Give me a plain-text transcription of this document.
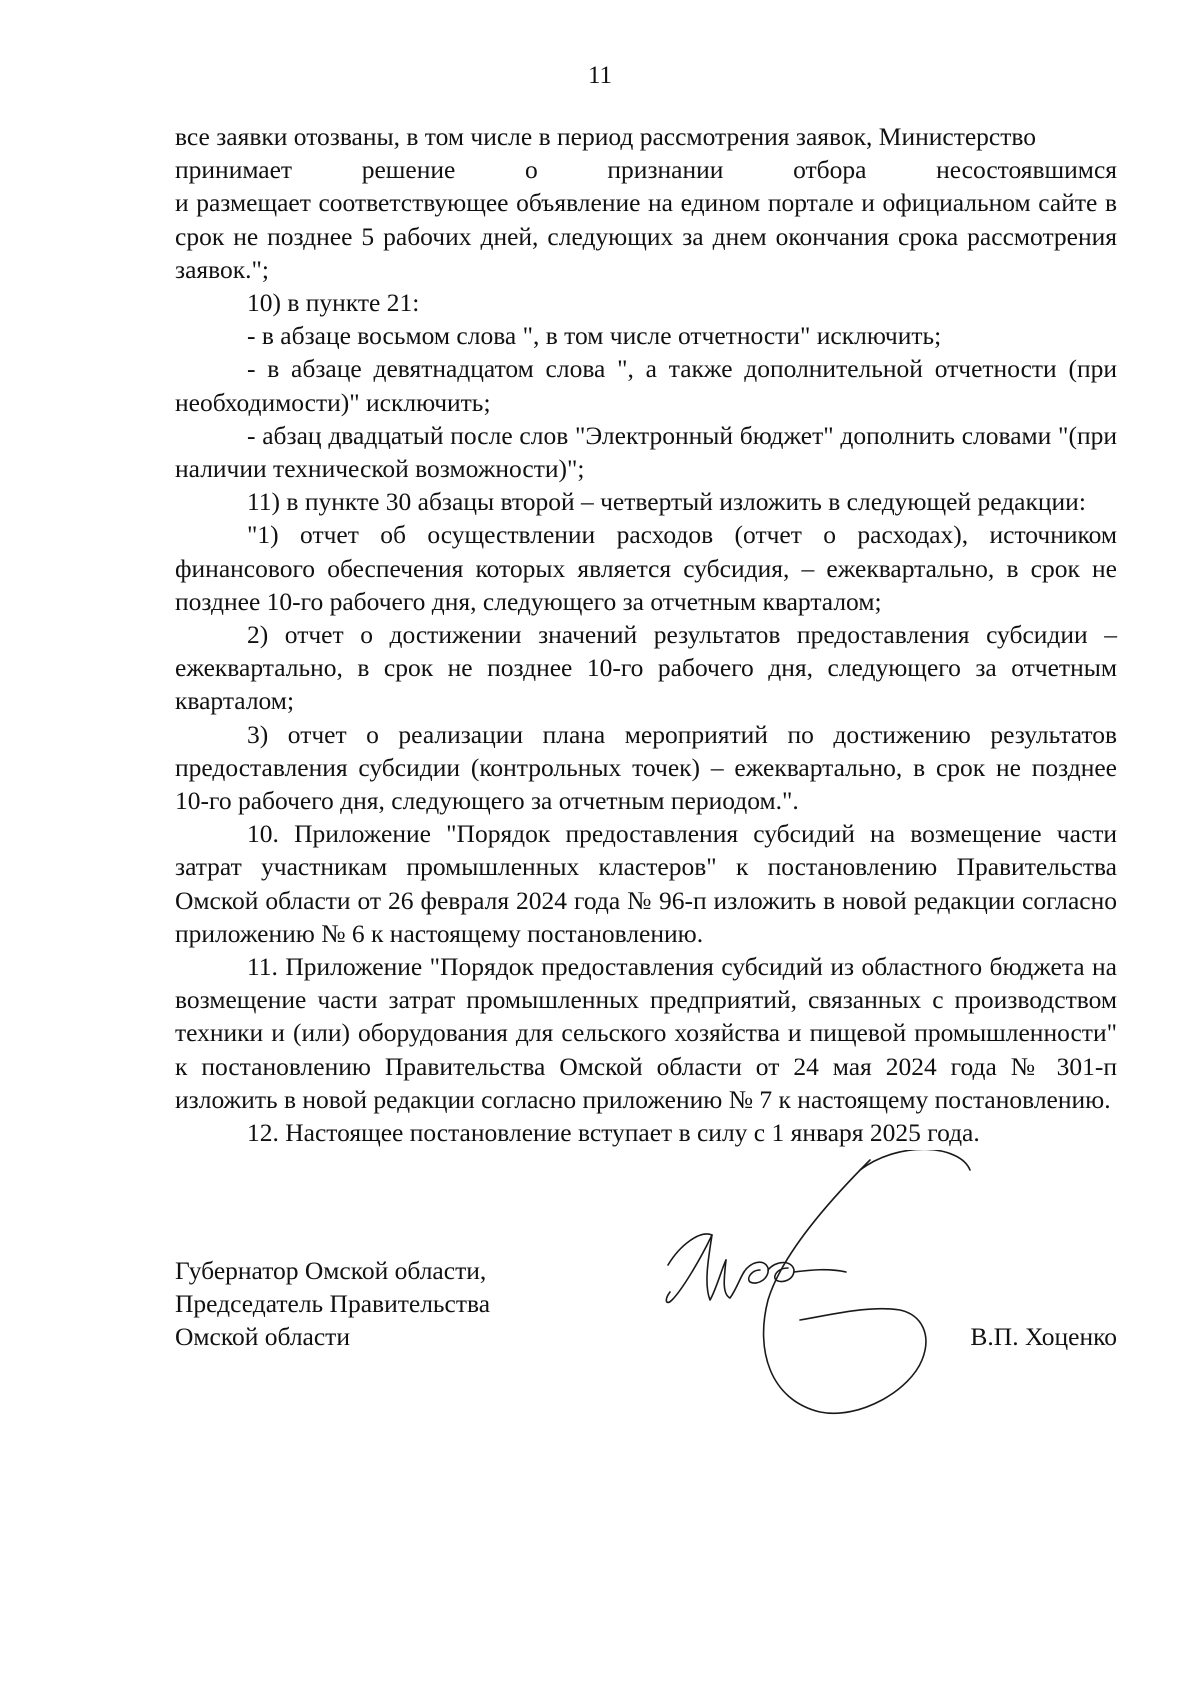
11

все заявки отозваны, в том числе в период рассмотрения заявок, Министерство

принимает решение о признании отбора несостоявшимся

и размещает соответствующее объявление на едином портале и официальном сайте в срок не позднее 5 рабочих дней, следующих за днем окончания срока рассмотрения заявок.";

10) в пункте 21:

- в абзаце восьмом слова ", в том числе отчетности" исключить;

- в абзаце девятнадцатом слова ", а также дополнительной отчетности (при необходимости)" исключить;

- абзац двадцатый после слов "Электронный бюджет" дополнить словами "(при наличии технической возможности)";

11) в пункте 30 абзацы второй – четвертый изложить в следующей редакции:

"1) отчет об осуществлении расходов (отчет о расходах), источником финансового обеспечения которых является субсидия, – ежеквартально, в срок не позднее 10-го рабочего дня, следующего за отчетным кварталом;

2) отчет о достижении значений результатов предоставления субсидии – ежеквартально, в срок не позднее 10-го рабочего дня, следующего за отчетным кварталом;

3) отчет о реализации плана мероприятий по достижению результатов предоставления субсидии (контрольных точек) – ежеквартально, в срок не позднее 10-го рабочего дня, следующего за отчетным периодом.".

10. Приложение "Порядок предоставления субсидий на возмещение части затрат участникам промышленных кластеров" к постановлению Правительства Омской области от 26 февраля 2024 года № 96-п изложить в новой редакции согласно приложению № 6 к настоящему постановлению.

11. Приложение "Порядок предоставления субсидий из областного бюджета на возмещение части затрат промышленных предприятий, связанных с производством техники и (или) оборудования для сельского хозяйства и пищевой промышленности" к постановлению Правительства Омской области от 24 мая 2024 года № 301-п изложить в новой редакции согласно приложению № 7 к настоящему постановлению.

12. Настоящее постановление вступает в силу с 1 января 2025 года.

Губернатор Омской области,
Председатель Правительства
Омской области	В.П. Хоценко
